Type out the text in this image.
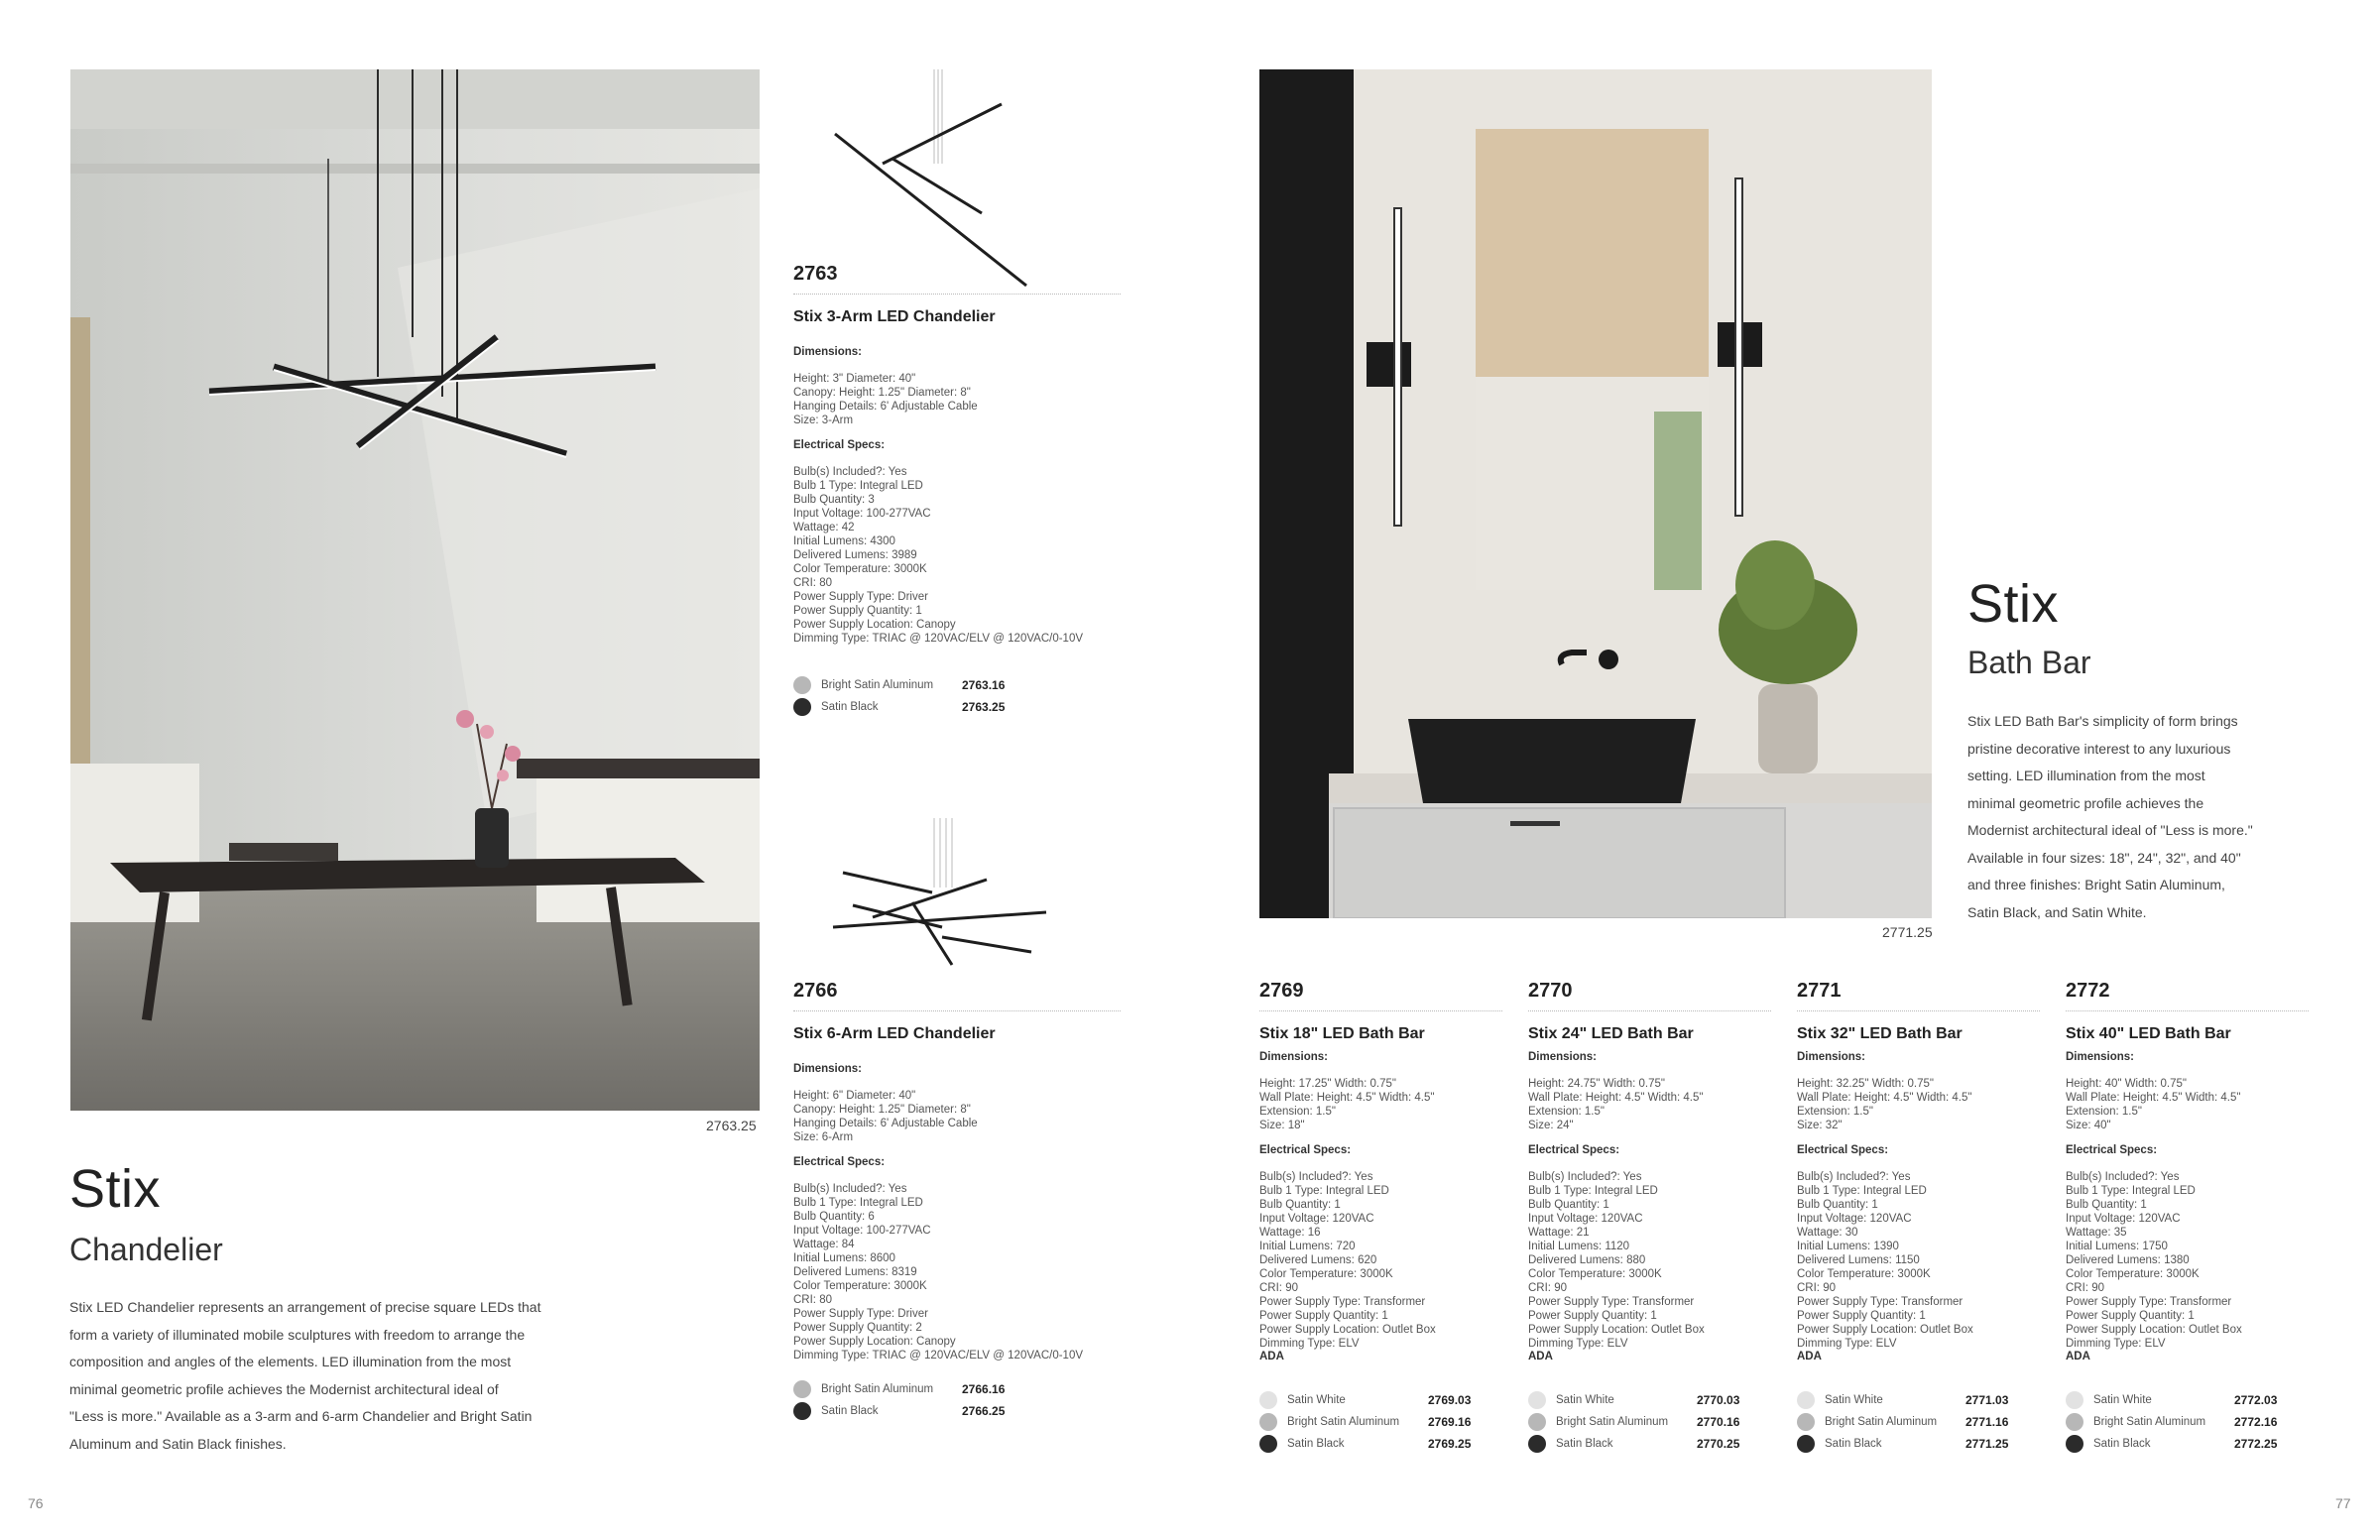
2763.25
Stix
Chandelier
Stix LED Chandelier represents an arrangement of precise square LEDs that
form a variety of illuminated mobile sculptures with freedom to arrange the
composition and angles of the elements. LED illumination from the most
minimal geometric profile achieves the Modernist architectural ideal of
"Less is more." Available as a 3-arm and 6-arm Chandelier and Bright Satin
Aluminum and Satin Black finishes.
76
2771.25
Stix
Bath Bar
Stix LED Bath Bar's simplicity of form brings
pristine decorative interest to any luxurious
setting. LED illumination from the most
minimal geometric profile achieves the
Modernist architectural ideal of "Less is more."
Available in four sizes: 18", 24", 32", and 40"
and three finishes: Bright Satin Aluminum,
Satin Black, and Satin White.
77
2763
Stix 3-Arm LED Chandelier
Dimensions:
Height: 3" Diameter: 40"
Canopy: Height: 1.25" Diameter: 8"
Hanging Details: 6' Adjustable Cable
Size: 3-Arm
Electrical Specs:
Bulb(s) Included?: Yes
Bulb 1 Type: Integral LED
Bulb Quantity: 3
Input Voltage: 100-277VAC
Wattage: 42
Initial Lumens: 4300
Delivered Lumens: 3989
Color Temperature: 3000K
CRI: 80
Power Supply Type: Driver
Power Supply Quantity: 1
Power Supply Location: Canopy
Dimming Type: TRIAC @ 120VAC/ELV @ 120VAC/0-10V
Bright Satin Aluminum	2763.16
Satin Black	2763.25
2766
Stix 6-Arm LED Chandelier
Dimensions:
Height: 6" Diameter: 40"
Canopy: Height: 1.25" Diameter: 8"
Hanging Details: 6' Adjustable Cable
Size: 6-Arm
Electrical Specs:
Bulb(s) Included?: Yes
Bulb 1 Type: Integral LED
Bulb Quantity: 6
Input Voltage: 100-277VAC
Wattage: 84
Initial Lumens: 8600
Delivered Lumens: 8319
Color Temperature: 3000K
CRI: 80
Power Supply Type: Driver
Power Supply Quantity: 2
Power Supply Location: Canopy
Dimming Type: TRIAC @ 120VAC/ELV @ 120VAC/0-10V
Bright Satin Aluminum	2766.16
Satin Black	2766.25
2769
Stix 18" LED Bath Bar
Dimensions:
Height: 17.25" Width: 0.75"
Wall Plate: Height: 4.5" Width: 4.5"
Extension: 1.5"
Size: 18"
Electrical Specs:
Bulb(s) Included?: Yes
Bulb 1 Type: Integral LED
Bulb Quantity: 1
Input Voltage: 120VAC
Wattage: 16
Initial Lumens: 720
Delivered Lumens: 620
Color Temperature: 3000K
CRI: 90
Power Supply Type: Transformer
Power Supply Quantity: 1
Power Supply Location: Outlet Box
Dimming Type: ELV
ADA
Satin White	2769.03
Bright Satin Aluminum	2769.16
Satin Black	2769.25
2770
Stix 24" LED Bath Bar
Dimensions:
Height: 24.75" Width: 0.75"
Wall Plate: Height: 4.5" Width: 4.5"
Extension: 1.5"
Size: 24"
Electrical Specs:
Bulb(s) Included?: Yes
Bulb 1 Type: Integral LED
Bulb Quantity: 1
Input Voltage: 120VAC
Wattage: 21
Initial Lumens: 1120
Delivered Lumens: 880
Color Temperature: 3000K
CRI: 90
Power Supply Type: Transformer
Power Supply Quantity: 1
Power Supply Location: Outlet Box
Dimming Type: ELV
ADA
Satin White	2770.03
Bright Satin Aluminum	2770.16
Satin Black	2770.25
2771
Stix 32" LED Bath Bar
Dimensions:
Height: 32.25" Width: 0.75"
Wall Plate: Height: 4.5" Width: 4.5"
Extension: 1.5"
Size: 32"
Electrical Specs:
Bulb(s) Included?: Yes
Bulb 1 Type: Integral LED
Bulb Quantity: 1
Input Voltage: 120VAC
Wattage: 30
Initial Lumens: 1390
Delivered Lumens: 1150
Color Temperature: 3000K
CRI: 90
Power Supply Type: Transformer
Power Supply Quantity: 1
Power Supply Location: Outlet Box
Dimming Type: ELV
ADA
Satin White	2771.03
Bright Satin Aluminum	2771.16
Satin Black	2771.25
2772
Stix 40" LED Bath Bar
Dimensions:
Height: 40" Width: 0.75"
Wall Plate: Height: 4.5" Width: 4.5"
Extension: 1.5"
Size: 40"
Electrical Specs:
Bulb(s) Included?: Yes
Bulb 1 Type: Integral LED
Bulb Quantity: 1
Input Voltage: 120VAC
Wattage: 35
Initial Lumens: 1750
Delivered Lumens: 1380
Color Temperature: 3000K
CRI: 90
Power Supply Type: Transformer
Power Supply Quantity: 1
Power Supply Location: Outlet Box
Dimming Type: ELV
ADA
Satin White	2772.03
Bright Satin Aluminum	2772.16
Satin Black	2772.25
